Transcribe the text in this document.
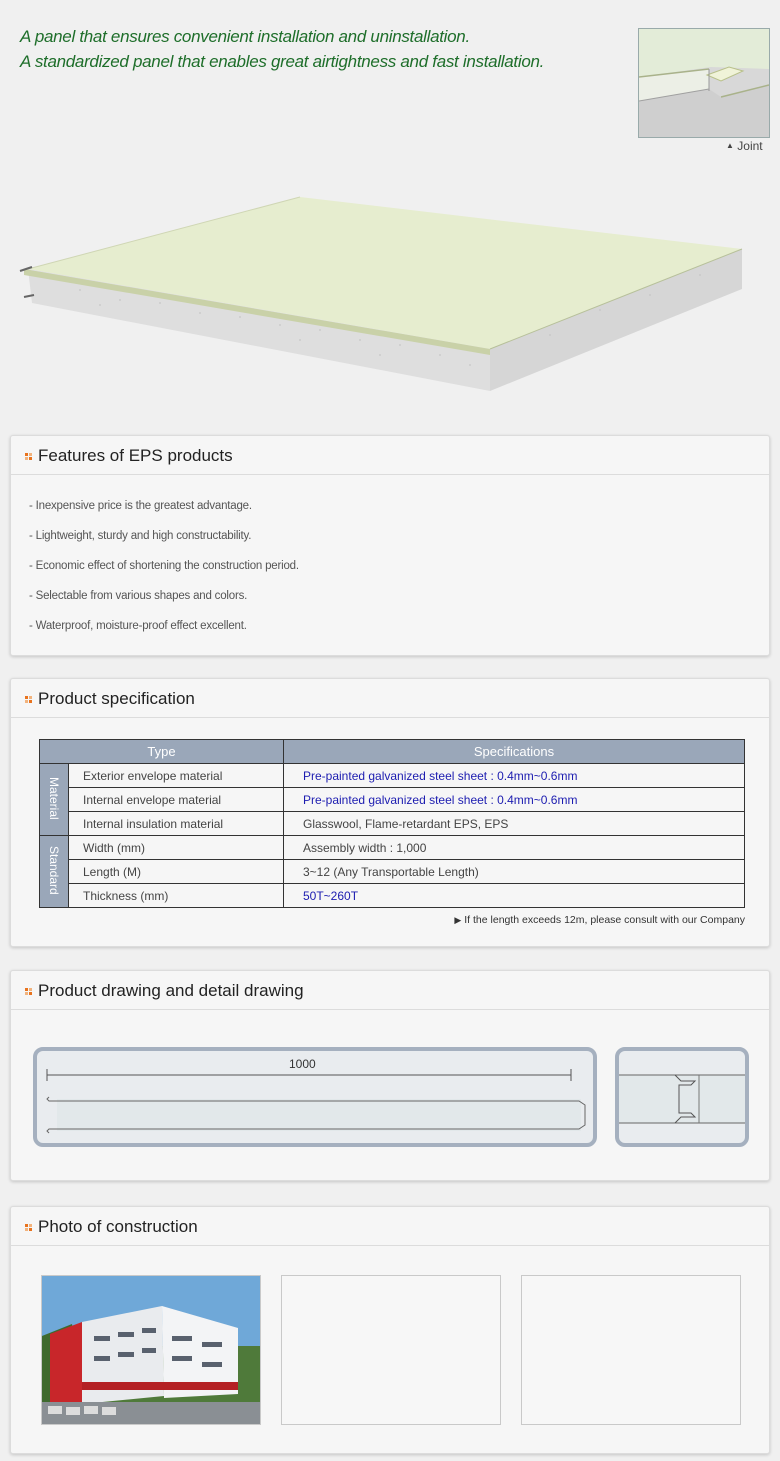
A panel that ensures convenient installation and uninstallation.
A standardized panel that enables great airtightness and fast installation.
▲ Joint
Features of EPS products
- Inexpensive price is the greatest advantage.
- Lightweight, sturdy and high constructability.
- Economic effect of shortening the construction period.
- Selectable from various shapes and colors.
- Waterproof, moisture-proof effect excellent.
Product specification
Type		Specifications
Material	Exterior envelope material	Pre-painted galvanized steel sheet : 0.4mm~0.6mm
	Internal envelope material	Pre-painted galvanized steel sheet : 0.4mm~0.6mm
	Internal insulation material	Glasswool, Flame-retardant EPS, EPS
Standard	Width (mm)	Assembly width : 1,000
	Length (M)	3~12 (Any Transportable Length)
	Thickness (mm)	50T~260T
▶ If the length exceeds 12m, please consult with our Company
Product drawing and detail drawing
1000
Photo of construction
